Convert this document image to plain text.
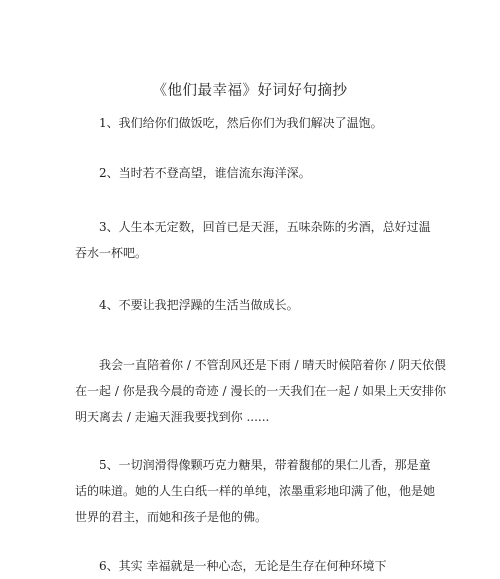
《他们最幸福》好词好句摘抄
1、我们给你们做饭吃，然后你们为我们解决了温饱。
2、当时若不登高望，谁信流东海洋深。
3、人生本无定数，回首已是天涯，五味杂陈的劣酒，总好过温
吞水一杯吧。
4、不要让我把浮躁的生活当做成长。
我会一直陪着你 / 不管刮风还是下雨 / 晴天时候陪着你 / 阴天依偎
在一起 / 你是我今晨的奇迹 / 漫长的一天我们在一起 / 如果上天安排你
明天离去 / 走遍天涯我要找到你 ......
5、一切润滑得像颗巧克力糖果，带着馥郁的果仁儿香，那是童
话的味道。她的人生白纸一样的单纯，浓墨重彩地印满了他，他是她
世界的君主，而她和孩子是他的佛。
6、其实 幸福就是一种心态，无论是生存在何种环境下
